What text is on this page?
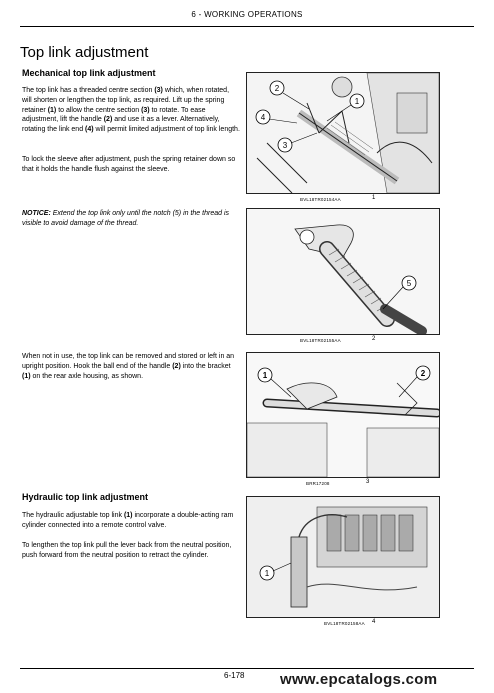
6 - WORKING OPERATIONS
Top link adjustment
Mechanical top link adjustment
The top link has a threaded centre section (3) which, when rotated, will shorten or lengthen the top link, as required. Lift up the spring retainer (1) to allow the centre section (3) to rotate. To ease adjustment, lift the handle (2) and use it as a lever. Alternatively, rotating the link end (4) will permit limited adjustment of top link length.
To lock the sleeve after adjustment, push the spring retainer down so that it holds the handle flush against the sleeve.
NOTICE: Extend the top link only until the notch (5) in the thread is visible to avoid damage of the thread.
When not in use, the top link can be removed and stored or left in an upright position. Hook the ball end of the handle (2) into the bracket (1) on the rear axle housing, as shown.
Hydraulic top link adjustment
The hydraulic adjustable top link (1) incorporate a double-acting ram cylinder connected into a remote control valve.
To lengthen the top link pull the lever back from the neutral position, push forward from the neutral position to retract the cylinder.
1
2
3
4
BVL18TR02154AA	1
5
BVL18TR02155AA	2
1	2
BRR17208	3
1
BVL18TR02158AA 4
6-178 www.epcatalogs.com
